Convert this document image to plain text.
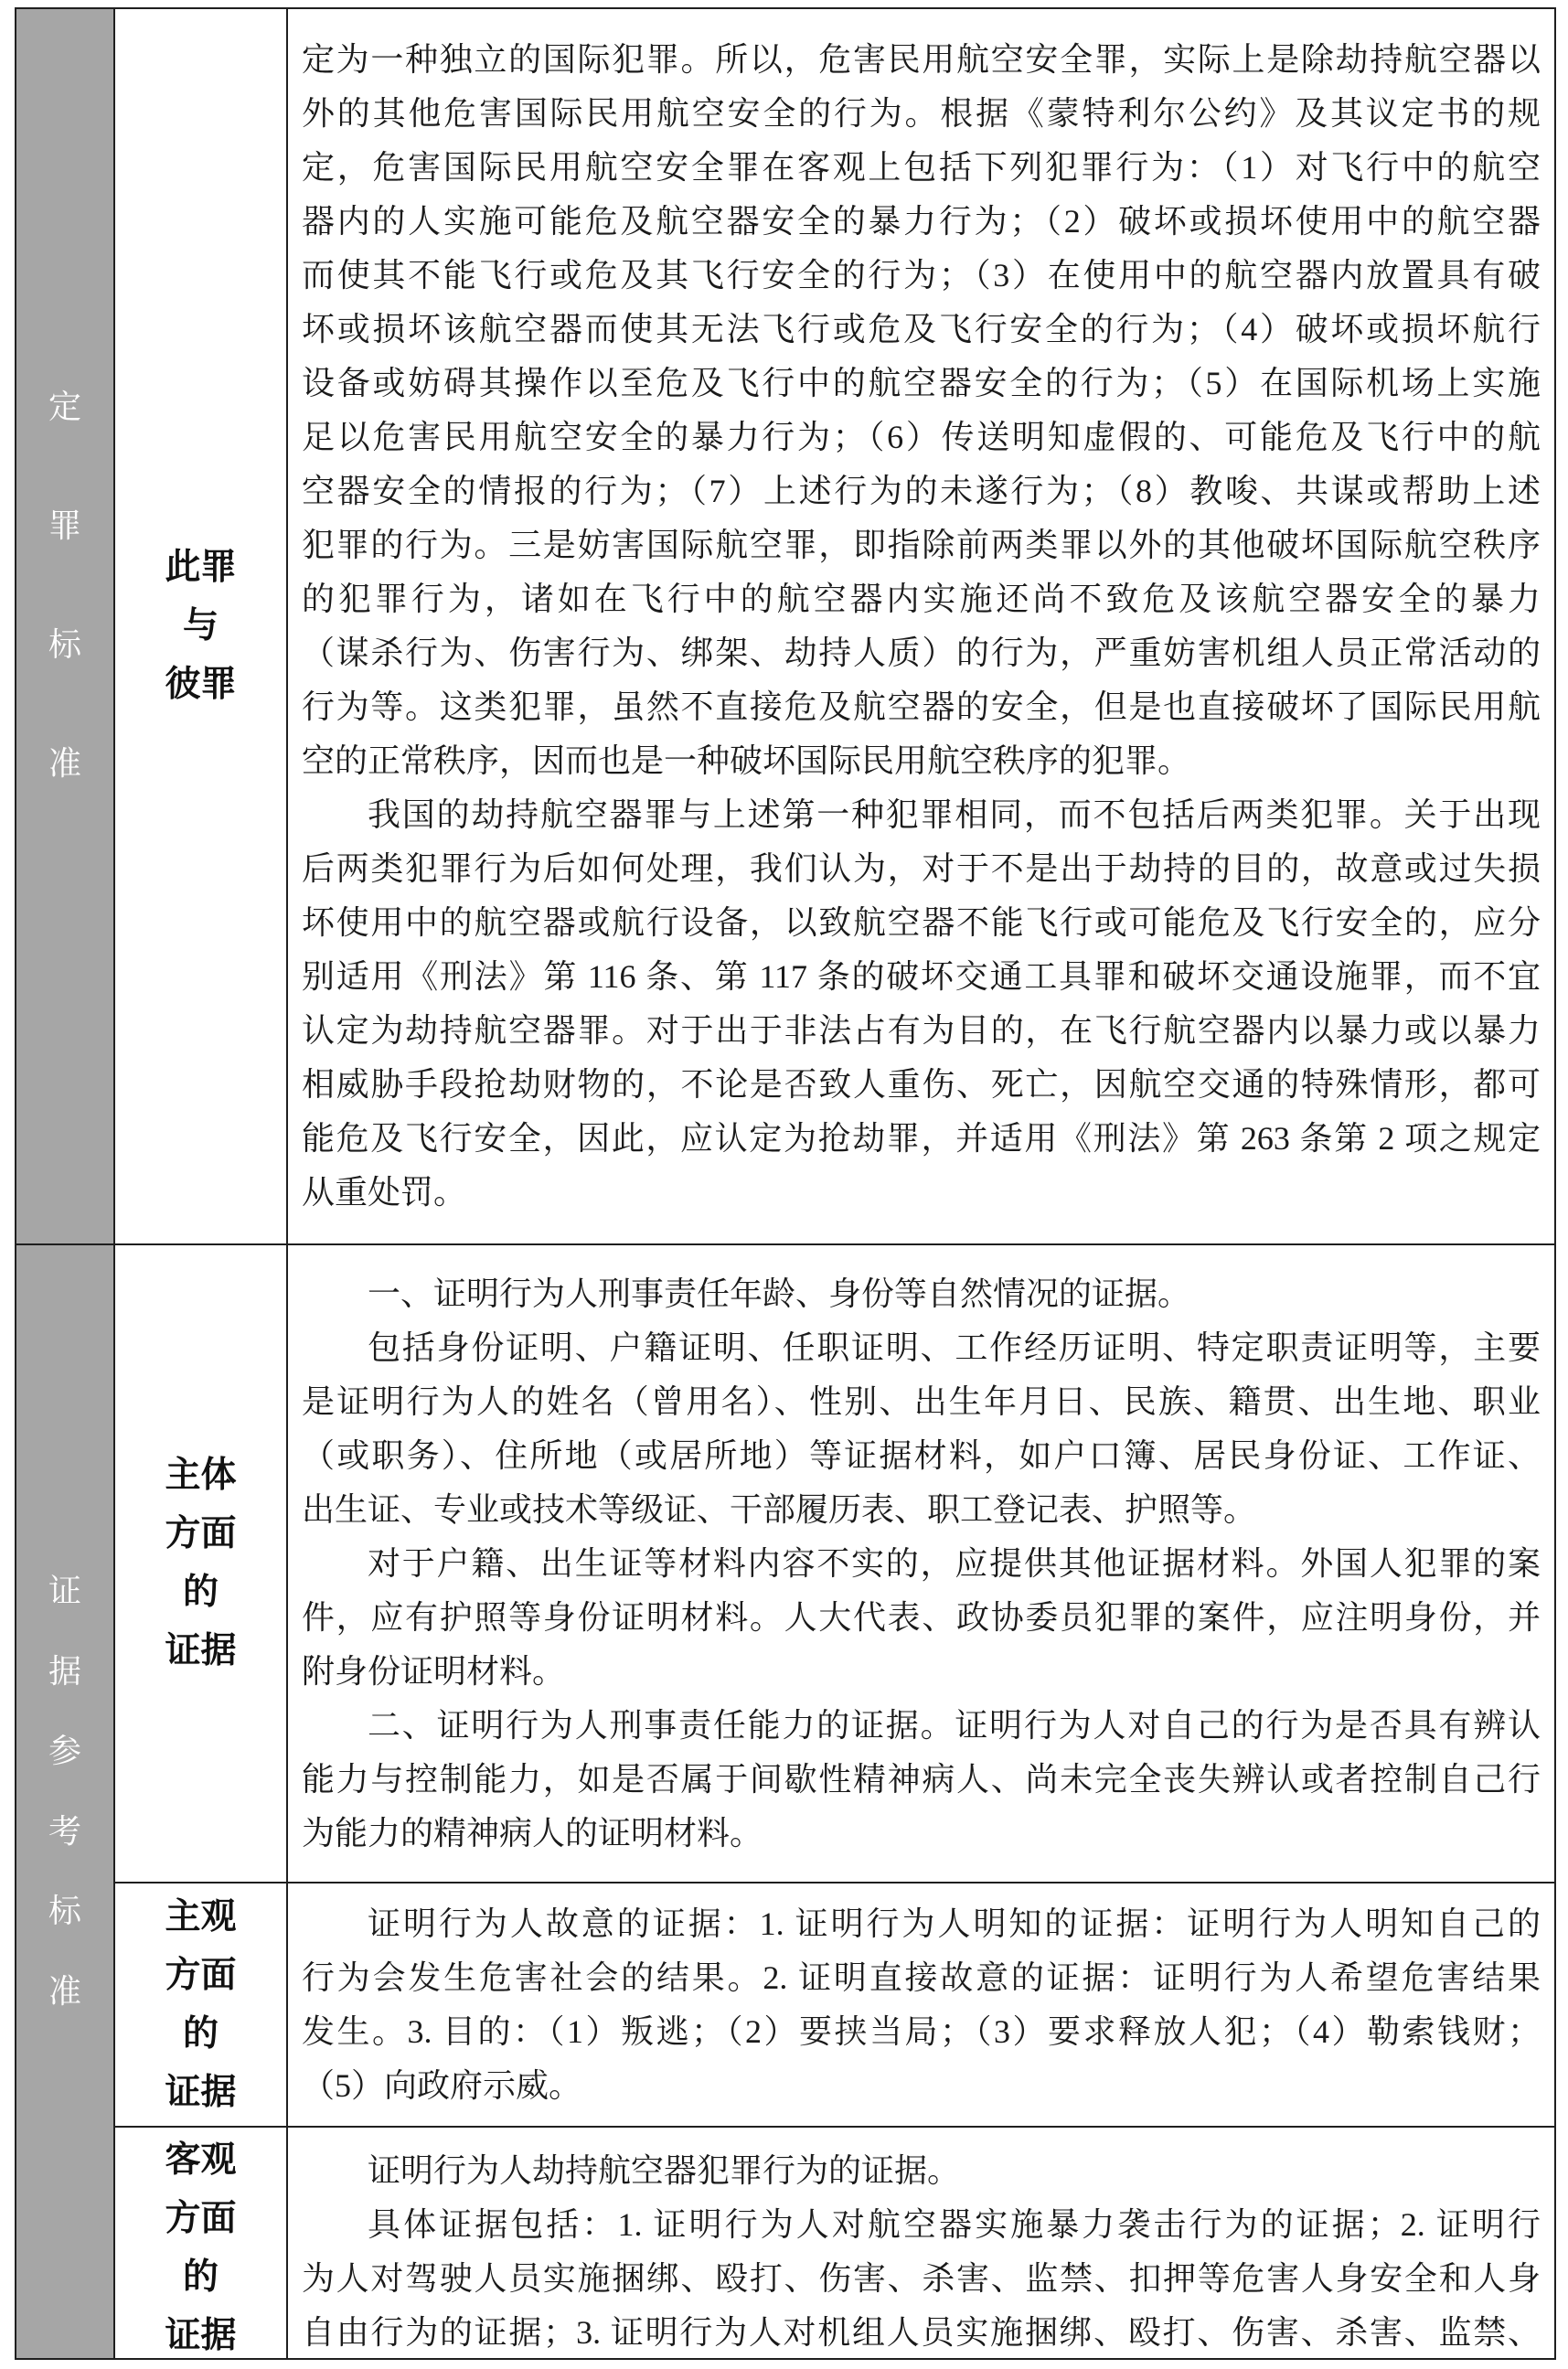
定罪标准
此罪
与
彼罪
定为一种独立的国际犯罪。所以，危害民用航空安全罪，实际上是除劫持航空器以
外的其他危害国际民用航空安全的行为。根据《蒙特利尔公约》及其议定书的规
定，危害国际民用航空安全罪在客观上包括下列犯罪行为：（1）对飞行中的航空
器内的人实施可能危及航空器安全的暴力行为；（2）破坏或损坏使用中的航空器
而使其不能飞行或危及其飞行安全的行为；（3）在使用中的航空器内放置具有破
坏或损坏该航空器而使其无法飞行或危及飞行安全的行为；（4）破坏或损坏航行
设备或妨碍其操作以至危及飞行中的航空器安全的行为；（5）在国际机场上实施
足以危害民用航空安全的暴力行为；（6）传送明知虚假的、可能危及飞行中的航
空器安全的情报的行为；（7）上述行为的未遂行为；（8）教唆、共谋或帮助上述
犯罪的行为。三是妨害国际航空罪，即指除前两类罪以外的其他破坏国际航空秩序
的犯罪行为，诸如在飞行中的航空器内实施还尚不致危及该航空器安全的暴力
（谋杀行为、伤害行为、绑架、劫持人质）的行为，严重妨害机组人员正常活动的
行为等。这类犯罪，虽然不直接危及航空器的安全，但是也直接破坏了国际民用航
空的正常秩序，因而也是一种破坏国际民用航空秩序的犯罪。
我国的劫持航空器罪与上述第一种犯罪相同，而不包括后两类犯罪。关于出现
后两类犯罪行为后如何处理，我们认为，对于不是出于劫持的目的，故意或过失损
坏使用中的航空器或航行设备，以致航空器不能飞行或可能危及飞行安全的，应分
别适用《刑法》第 116 条、第 117 条的破坏交通工具罪和破坏交通设施罪，而不宜
认定为劫持航空器罪。对于出于非法占有为目的，在飞行航空器内以暴力或以暴力
相威胁手段抢劫财物的，不论是否致人重伤、死亡，因航空交通的特殊情形，都可
能危及飞行安全，因此，应认定为抢劫罪，并适用《刑法》第 263 条第 2 项之规定
从重处罚。
证据参考标准
主体
方面
的
证据
一、证明行为人刑事责任年龄、身份等自然情况的证据。
包括身份证明、户籍证明、任职证明、工作经历证明、特定职责证明等，主要
是证明行为人的姓名（曾用名）、性别、出生年月日、民族、籍贯、出生地、职业
（或职务）、住所地（或居所地）等证据材料，如户口簿、居民身份证、工作证、
出生证、专业或技术等级证、干部履历表、职工登记表、护照等。
对于户籍、出生证等材料内容不实的，应提供其他证据材料。外国人犯罪的案
件，应有护照等身份证明材料。人大代表、政协委员犯罪的案件，应注明身份，并
附身份证明材料。
二、证明行为人刑事责任能力的证据。证明行为人对自己的行为是否具有辨认
能力与控制能力，如是否属于间歇性精神病人、尚未完全丧失辨认或者控制自己行
为能力的精神病人的证明材料。
主观
方面
的
证据
证明行为人故意的证据：1. 证明行为人明知的证据：证明行为人明知自己的
行为会发生危害社会的结果。2. 证明直接故意的证据：证明行为人希望危害结果
发生。3. 目的：（1）叛逃；（2）要挟当局；（3）要求释放人犯；（4）勒索钱财；
（5）向政府示威。
客观
方面
的
证据
证明行为人劫持航空器犯罪行为的证据。
具体证据包括：1. 证明行为人对航空器实施暴力袭击行为的证据；2. 证明行
为人对驾驶人员实施捆绑、殴打、伤害、杀害、监禁、扣押等危害人身安全和人身
自由行为的证据；3. 证明行为人对机组人员实施捆绑、殴打、伤害、杀害、监禁、
